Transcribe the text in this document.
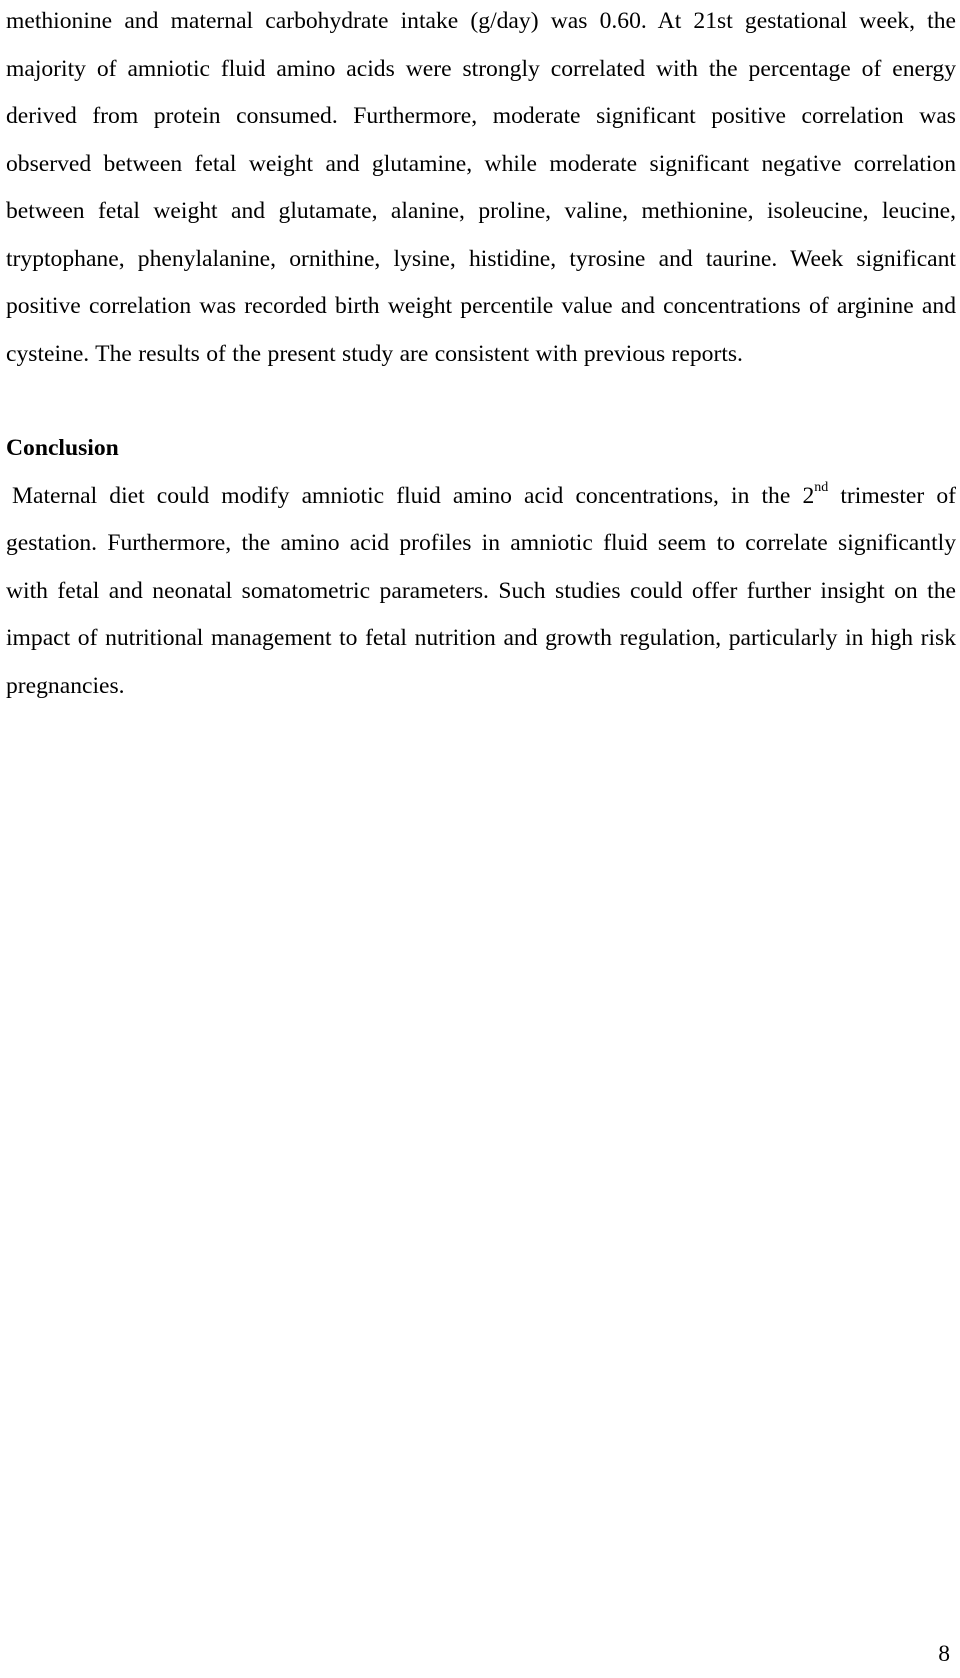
methionine and maternal carbohydrate intake (g/day) was 0.60. At 21st gestational week, the majority of amniotic fluid amino acids were strongly correlated with the percentage of energy derived from protein consumed. Furthermore, moderate significant positive correlation was observed between fetal weight and glutamine, while moderate significant negative correlation between fetal weight and glutamate, alanine, proline, valine, methionine, isoleucine, leucine, tryptophane, phenylalanine, ornithine, lysine, histidine, tyrosine and taurine. Week significant positive correlation was recorded birth weight percentile value and concentrations of arginine and cysteine. The results of the present study are consistent with previous reports.

Conclusion

Maternal diet could modify amniotic fluid amino acid concentrations, in the 2nd trimester of gestation. Furthermore, the amino acid profiles in amniotic fluid seem to correlate significantly with fetal and neonatal somatometric parameters. Such studies could offer further insight on the impact of nutritional management to fetal nutrition and growth regulation, particularly in high risk pregnancies.

8
